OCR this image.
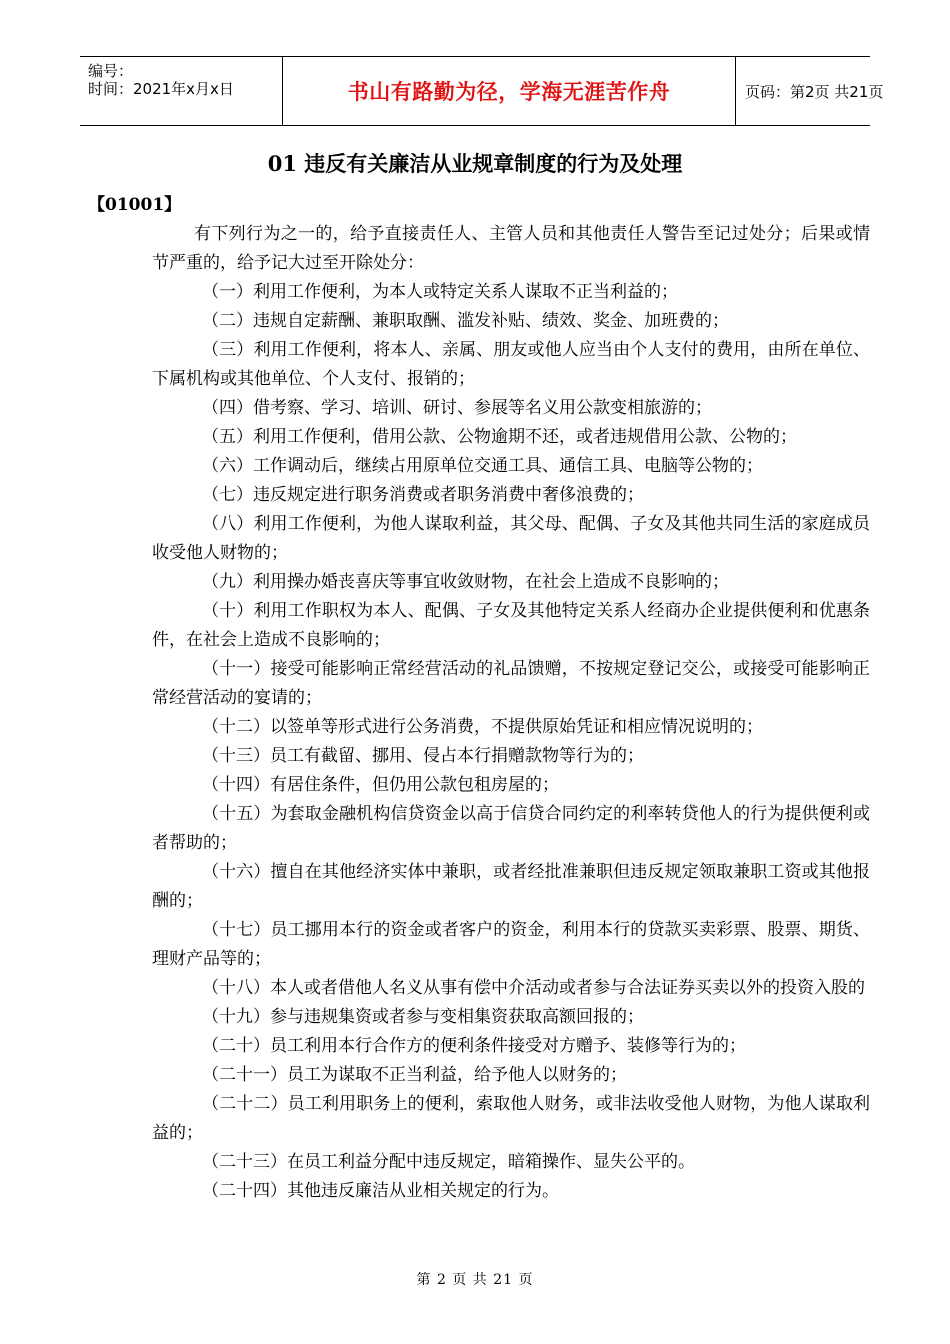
编号：
时间：2021年x月x日	书山有路勤为径，学海无涯苦作舟	页码：第2页 共21页
01 违反有关廉洁从业规章制度的行为及处理
【01001】

有下列行为之一的，给予直接责任人、主管人员和其他责任人警告至记过处分；后果或情节严重的，给予记大过至开除处分：

（一）利用工作便利，为本人或特定关系人谋取不正当利益的；

（二）违规自定薪酬、兼职取酬、滥发补贴、绩效、奖金、加班费的；

（三）利用工作便利，将本人、亲属、朋友或他人应当由个人支付的费用，由所在单位、下属机构或其他单位、个人支付、报销的；

（四）借考察、学习、培训、研讨、参展等名义用公款变相旅游的；

（五）利用工作便利，借用公款、公物逾期不还，或者违规借用公款、公物的；

（六）工作调动后，继续占用原单位交通工具、通信工具、电脑等公物的；

（七）违反规定进行职务消费或者职务消费中奢侈浪费的；

（八）利用工作便利，为他人谋取利益，其父母、配偶、子女及其他共同生活的家庭成员收受他人财物的；

（九）利用操办婚丧喜庆等事宜收敛财物，在社会上造成不良影响的；

（十）利用工作职权为本人、配偶、子女及其他特定关系人经商办企业提供便利和优惠条件，在社会上造成不良影响的；

（十一）接受可能影响正常经营活动的礼品馈赠，不按规定登记交公，或接受可能影响正常经营活动的宴请的；

（十二）以签单等形式进行公务消费，不提供原始凭证和相应情况说明的；

（十三）员工有截留、挪用、侵占本行捐赠款物等行为的；

（十四）有居住条件，但仍用公款包租房屋的；

（十五）为套取金融机构信贷资金以高于信贷合同约定的利率转贷他人的行为提供便利或者帮助的；

（十六）擅自在其他经济实体中兼职，或者经批准兼职但违反规定领取兼职工资或其他报酬的；

（十七）员工挪用本行的资金或者客户的资金，利用本行的贷款买卖彩票、股票、期货、理财产品等的；

（十八）本人或者借他人名义从事有偿中介活动或者参与合法证券买卖以外的投资入股的

（十九）参与违规集资或者参与变相集资获取高额回报的；

（二十）员工利用本行合作方的便利条件接受对方赠予、装修等行为的；

（二十一）员工为谋取不正当利益，给予他人以财务的；

（二十二）员工利用职务上的便利，索取他人财务，或非法收受他人财物，为他人谋取利益的；

（二十三）在员工利益分配中违反规定，暗箱操作、显失公平的。

（二十四）其他违反廉洁从业相关规定的行为。

第 2 页 共 21 页
